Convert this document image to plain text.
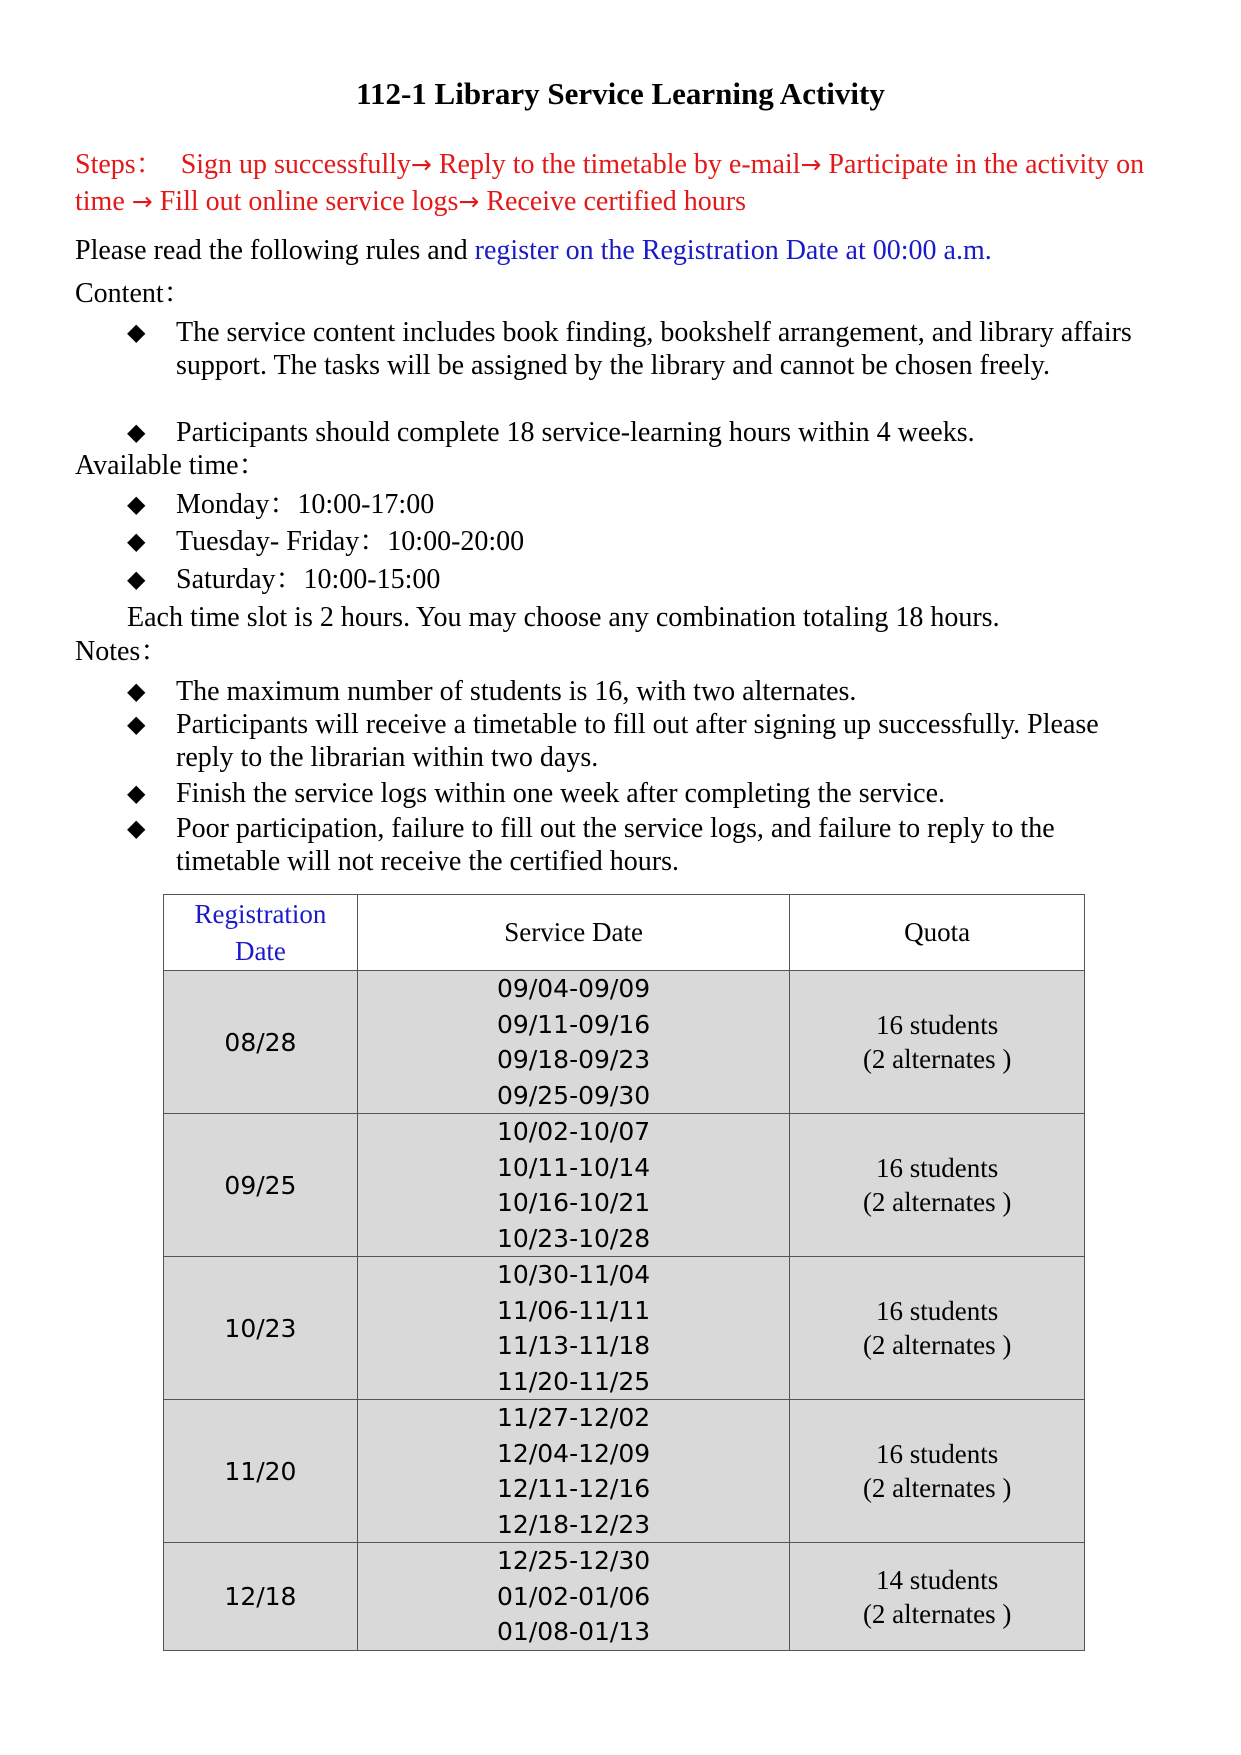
112-1 Library Service Learning Activity
Steps： Sign up successfully→ Reply to the timetable by e-mail→ Participate in the activity on time → Fill out online service logs→ Receive certified hours
Please read the following rules and register on the Registration Date at 00:00 a.m.
Content：
◆ The service content includes book finding, bookshelf arrangement, and library affairs support. The tasks will be assigned by the library and cannot be chosen freely.
◆ Participants should complete 18 service-learning hours within 4 weeks.
Available time：
◆ Monday：10:00-17:00
◆ Tuesday- Friday：10:00-20:00
◆ Saturday：10:00-15:00
Each time slot is 2 hours. You may choose any combination totaling 18 hours.
Notes：
◆ The maximum number of students is 16, with two alternates.
◆ Participants will receive a timetable to fill out after signing up successfully. Please reply to the librarian within two days.
◆ Finish the service logs within one week after completing the service.
◆ Poor participation, failure to fill out the service logs, and failure to reply to the timetable will not receive the certified hours.
Registration
Date	Service Date	Quota
08/28	09/04-09/09
09/11-09/16
09/18-09/23
09/25-09/30	16 students
(2 alternates )

09/25	10/02-10/07
10/11-10/14
10/16-10/21
10/23-10/28	16 students
(2 alternates )

10/23	10/30-11/04
11/06-11/11
11/13-11/18
11/20-11/25	16 students
(2 alternates )

11/20	11/27-12/02
12/04-12/09
12/11-12/16
12/18-12/23	16 students
(2 alternates )

12/18	12/25-12/30
01/02-01/06
01/08-01/13	14 students
(2 alternates )
